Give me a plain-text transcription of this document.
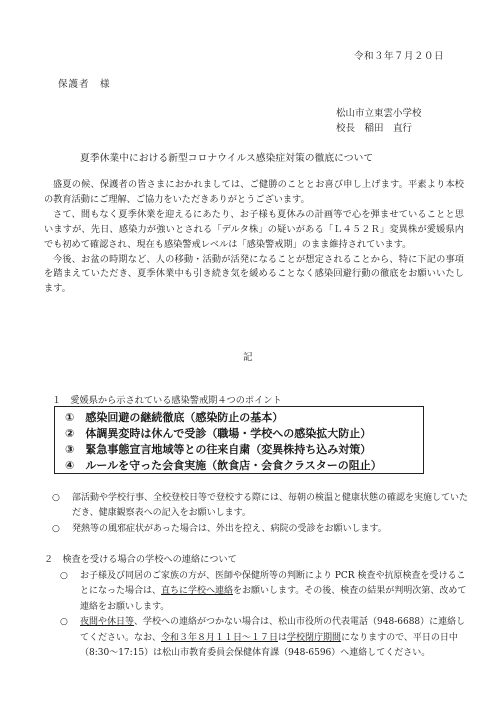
令和３年７月２０日
保護者　様
松山市立東雲小学校
校長　稲田　直行
夏季休業中における新型コロナウイルス感染症対策の徹底について

盛夏の候、保護者の皆さまにおかれましては、ご健勝のこととお喜び申し上げます。平素より本校の教育活動にご理解、ご協力をいただきありがとうございます。

さて、間もなく夏季休業を迎えるにあたり、お子様も夏休みの計画等で心を弾ませていることと思いますが、先日、感染力が強いとされる「デルタ株」の疑いがある「Ｌ４５２Ｒ」変異株が愛媛県内でも初めて確認され、現在も感染警戒レベルは「感染警戒期」のまま維持されています。

今後、お盆の時期など、人の移動・活動が活発になることが想定されることから、特に下記の事項を踏まえていただき、夏季休業中も引き続き気を緩めることなく感染回避行動の徹底をお願いいたします。

記
１　愛媛県から示されている感染警戒期４つのポイント
①　感染回避の継続徹底（感染防止の基本）
②　体調異変時は休んで受診（職場・学校への感染拡大防止）
③　緊急事態宣言地域等との往来自粛（変異株持ち込み対策）
④　ルールを守った会食実施（飲食店・会食クラスターの阻止）
○	部活動や学校行事、全校登校日等で登校する際には、毎朝の検温と健康状態の確認を実施していただき、健康観察表への記入をお願いします。
○	発熱等の風邪症状があった場合は、外出を控え、病院の受診をお願いします。
２　検査を受ける場合の学校への連絡について
○	お子様及び同居のご家族の方が、医師や保健所等の判断により PCR 検査や抗原検査を受けることになった場合は、直ちに学校へ連絡をお願いします。その後、検査の結果が判明次第、改めて連絡をお願いします。
○	夜間や休日等、学校への連絡がつかない場合は、松山市役所の代表電話（948-6688）に連絡してください。なお、令和３年８月１１日～１７日は学校閉庁期間になりますので、平日の日中（8:30～17:15）は松山市教育委員会保健体育課（948-6596）へ連絡してください。
